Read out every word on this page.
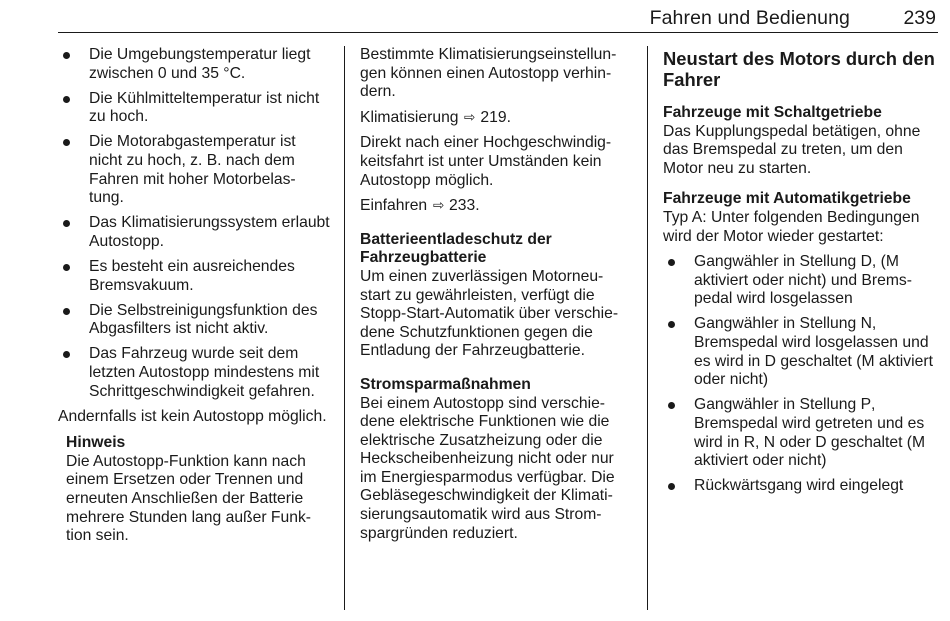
Fahren und Bedienung	239
Die Umgebungstemperatur liegt zwischen 0 und 35 °C.
Die Kühlmitteltemperatur ist nicht zu hoch.
Die Motorabgastemperatur ist nicht zu hoch, z. B. nach dem Fahren mit hoher Motorbelas-tung.
Das Klimatisierungssystem erlaubt Autostopp.
Es besteht ein ausreichendes Bremsvakuum.
Die Selbstreinigungsfunktion des Abgasfilters ist nicht aktiv.
Das Fahrzeug wurde seit dem letzten Autostopp mindestens mit Schrittgeschwindigkeit gefahren.

Andernfalls ist kein Autostopp möglich.

Hinweis
Die Autostopp-Funktion kann nach einem Ersetzen oder Trennen und erneuten Anschließen der Batterie mehrere Stunden lang außer Funk-tion sein.

Bestimmte Klimatisierungseinstellun-gen können einen Autostopp verhin-dern.

Klimatisierung ⇨ 219.

Direkt nach einer Hochgeschwindig-keitsfahrt ist unter Umständen kein Autostopp möglich.

Einfahren ⇨ 233.

Batterieentladeschutz der Fahrzeugbatterie

Um einen zuverlässigen Motorneu-start zu gewährleisten, verfügt die Stopp-Start-Automatik über verschie-dene Schutzfunktionen gegen die Entladung der Fahrzeugbatterie.

Stromsparmaßnahmen

Bei einem Autostopp sind verschie-dene elektrische Funktionen wie die elektrische Zusatzheizung oder die Heckscheibenheizung nicht oder nur im Energiesparmodus verfügbar. Die Gebläsegeschwindigkeit der Klimati-sierungsautomatik wird aus Strom-spargründen reduziert.

Neustart des Motors durch den Fahrer
Fahrzeuge mit Schaltgetriebe

Das Kupplungspedal betätigen, ohne das Bremspedal zu treten, um den Motor neu zu starten.

Fahrzeuge mit Automatikgetriebe

Typ A: Unter folgenden Bedingungen wird der Motor wieder gestartet:

Gangwähler in Stellung D, (M aktiviert oder nicht) und Brems-pedal wird losgelassen
Gangwähler in Stellung N, Bremspedal wird losgelassen und es wird in D geschaltet (M aktiviert oder nicht)
Gangwähler in Stellung P, Bremspedal wird getreten und es wird in R, N oder D geschaltet (M aktiviert oder nicht)
Rückwärtsgang wird eingelegt
